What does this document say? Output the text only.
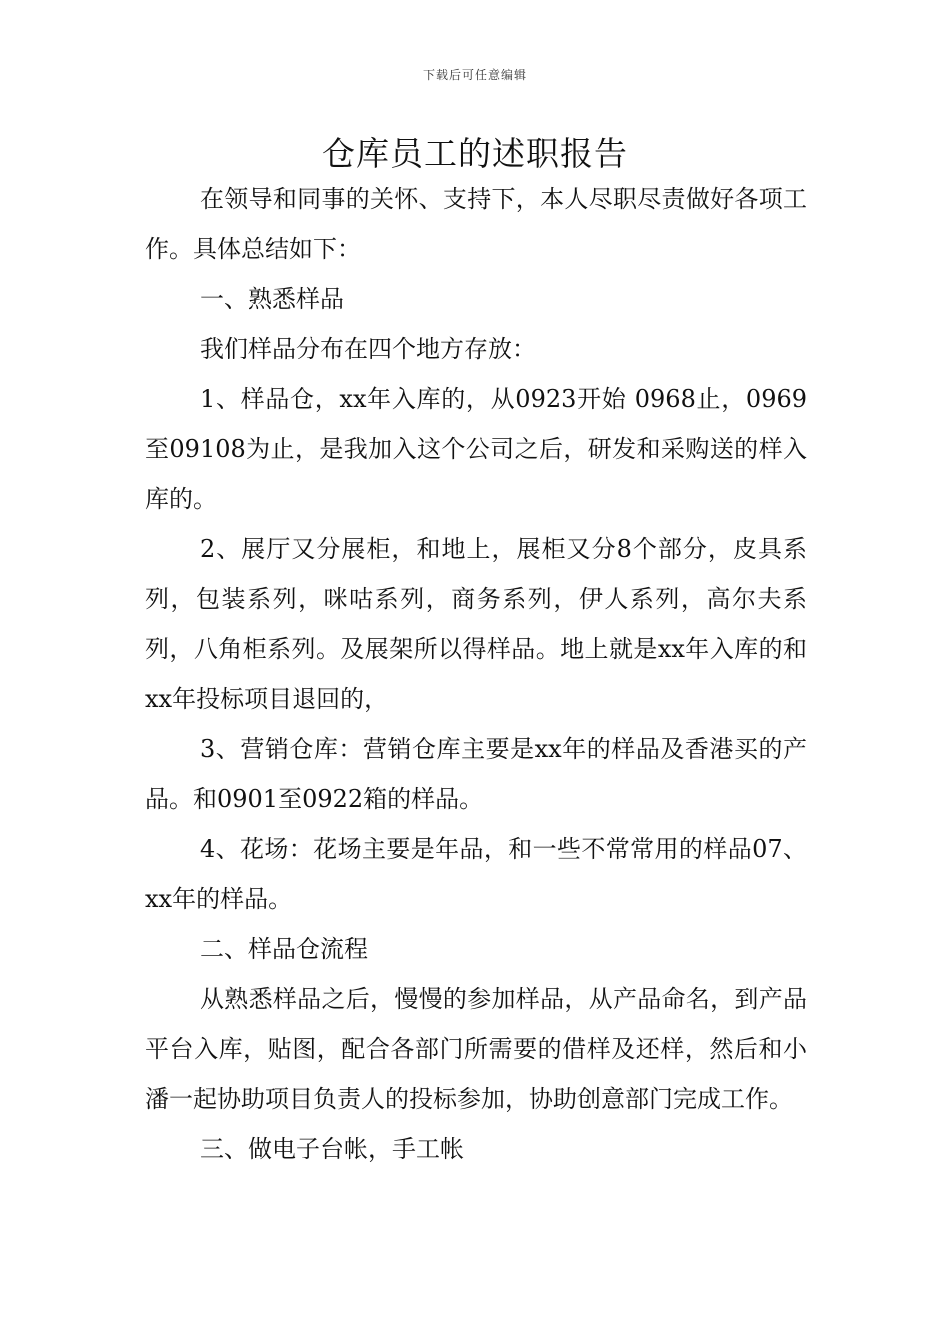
下载后可任意编辑
仓库员工的述职报告

在领导和同事的关怀、支持下，本人尽职尽责做好各项工作。具体总结如下：

一、熟悉样品

我们样品分布在四个地方存放：

1、样品仓，xx年入库的，从0923开始 0968止，0969至09108为止，是我加入这个公司之后，研发和采购送的样入库的。

2、展厅又分展柜，和地上，展柜又分8个部分，皮具系列，包装系列，咪咕系列，商务系列，伊人系列，高尔夫系列，八角柜系列。及展架所以得样品。地上就是xx年入库的和xx年投标项目退回的，

3、营销仓库：营销仓库主要是xx年的样品及香港买的产品。和0901至0922箱的样品。

4、花场：花场主要是年品，和一些不常常用的样品07、xx年的样品。

二、样品仓流程

从熟悉样品之后，慢慢的参加样品，从产品命名，到产品平台入库，贴图，配合各部门所需要的借样及还样，然后和小潘一起协助项目负责人的投标参加，协助创意部门完成工作。

三、做电子台帐，手工帐
